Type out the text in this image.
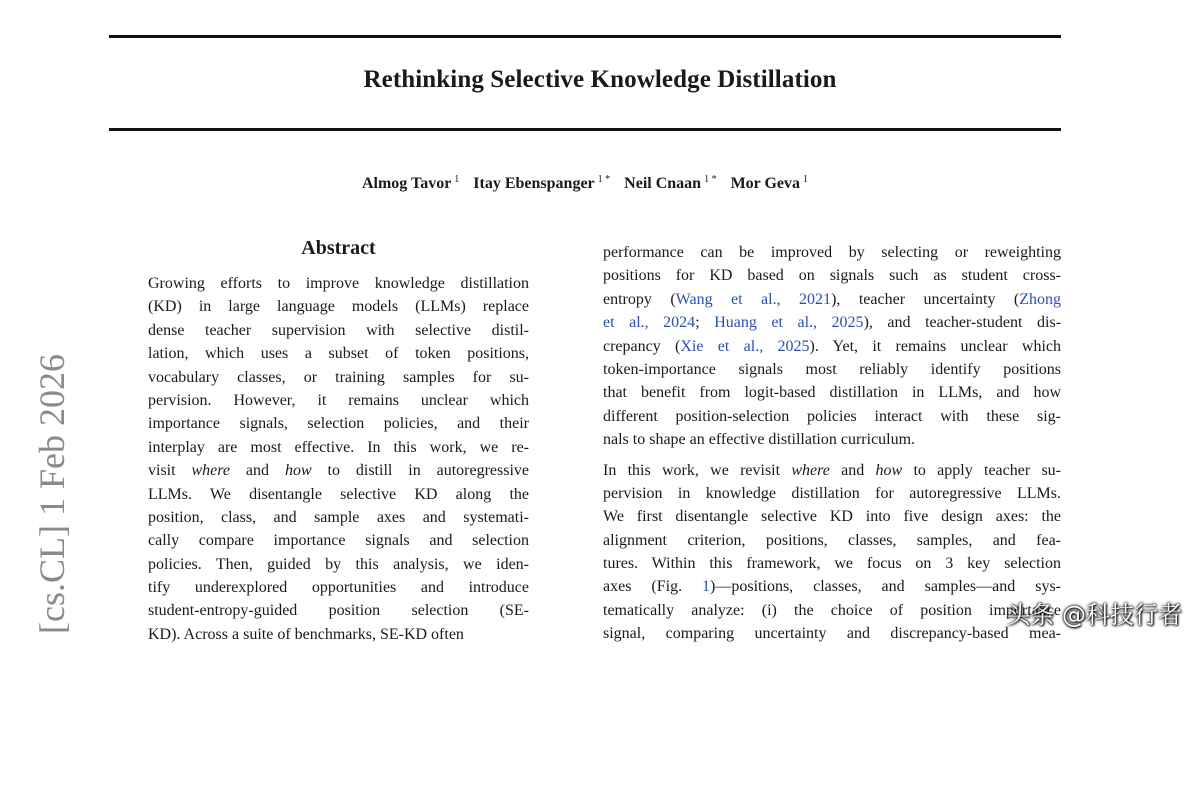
Rethinking Selective Knowledge Distillation
Almog Tavor $^1$ Itay Ebenspanger $^{1 *}$ Neil Cnaan $^{1 *}$ Mor Geva $^1$
[cs.CL] 1 Feb 2026
Abstract
Growing efforts to improve knowledge distillation
(KD) in large language models (LLMs) replace
dense teacher supervision with selective distil-
lation, which uses a subset of token positions,
vocabulary classes, or training samples for su-
pervision. However, it remains unclear which
importance signals, selection policies, and their
interplay are most effective. In this work, we re-
visit where and how to distill in autoregressive
LLMs. We disentangle selective KD along the
position, class, and sample axes and systemati-
cally compare importance signals and selection
policies. Then, guided by this analysis, we iden-
tify underexplored opportunities and introduce
student-entropy-guided position selection (SE-
KD). Across a suite of benchmarks, SE-KD often
performance can be improved by selecting or reweighting
positions for KD based on signals such as student cross-
entropy (Wang et al., 2021), teacher uncertainty (Zhong
et al., 2024; Huang et al., 2025), and teacher-student dis-
crepancy (Xie et al., 2025). Yet, it remains unclear which
token-importance signals most reliably identify positions
that benefit from logit-based distillation in LLMs, and how
different position-selection policies interact with these sig-
nals to shape an effective distillation curriculum.
In this work, we revisit where and how to apply teacher su-
pervision in knowledge distillation for autoregressive LLMs.
We first disentangle selective KD into five design axes: the
alignment criterion, positions, classes, samples, and fea-
tures. Within this framework, we focus on 3 key selection
axes (Fig. 1)—positions, classes, and samples—and sys-
tematically analyze: (i) the choice of position importance
signal, comparing uncertainty and discrepancy-based mea-
头条 @科技行者
